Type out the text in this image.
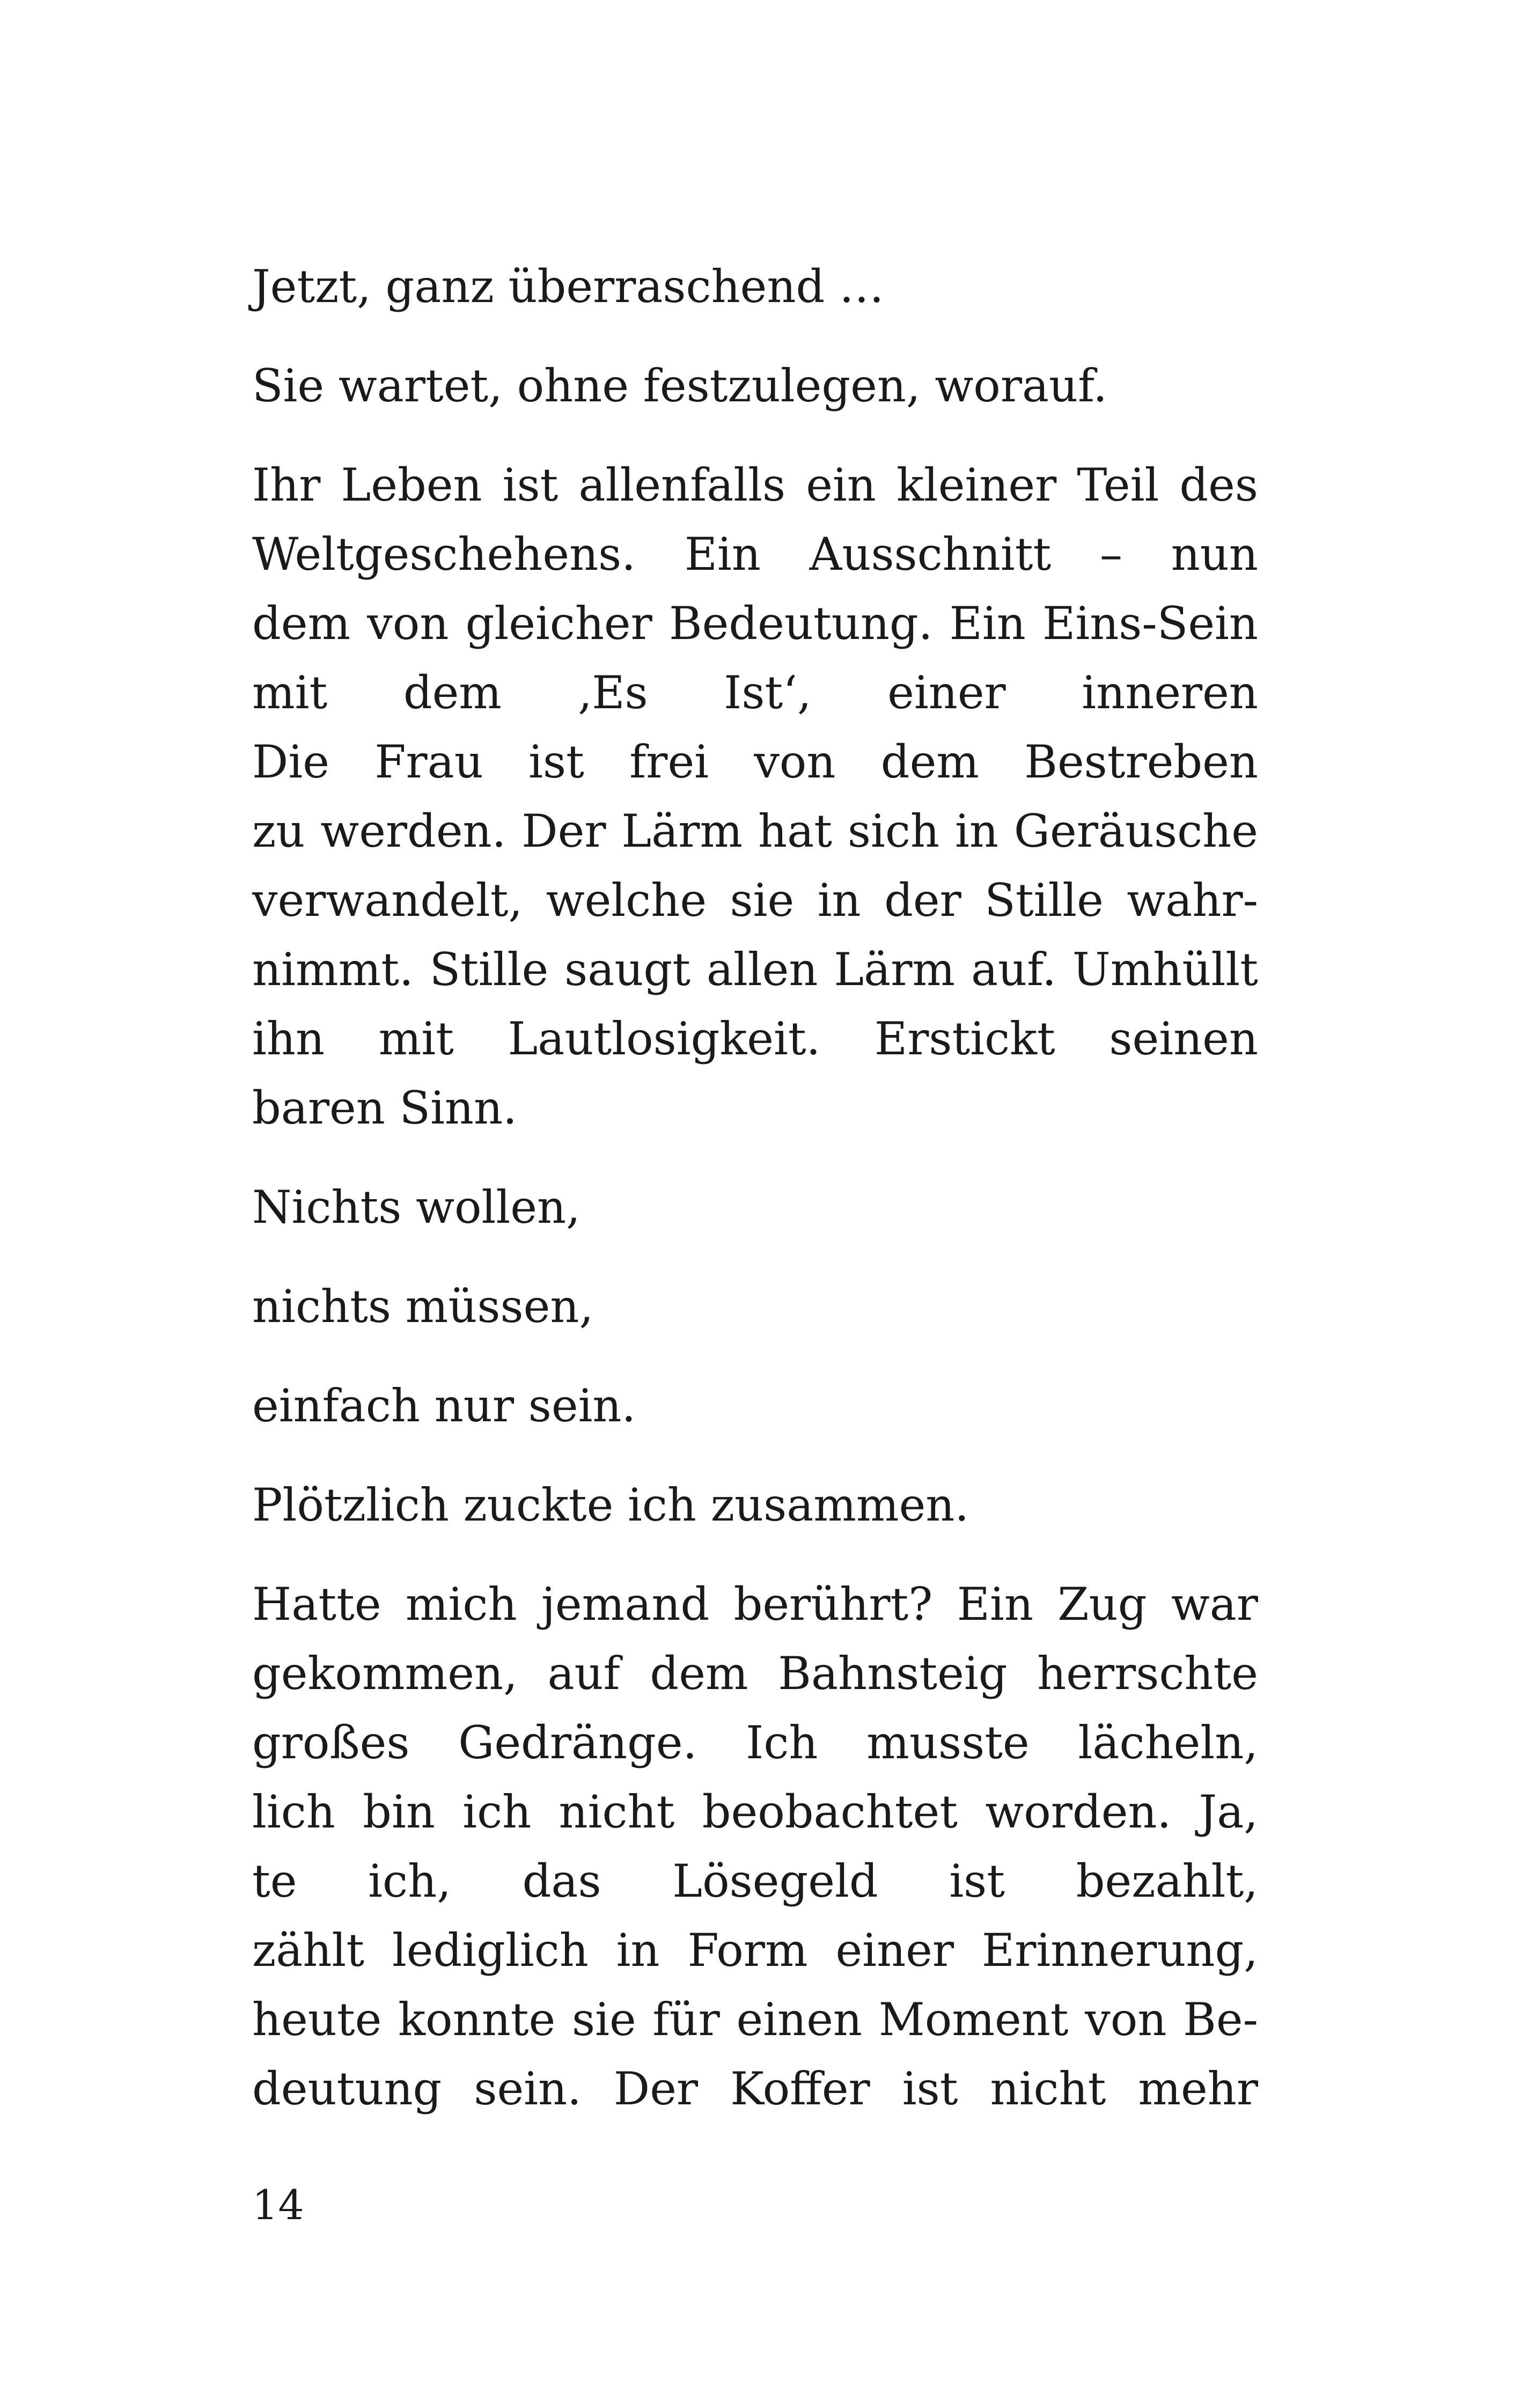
Jetzt, ganz überraschend …

Sie wartet, ohne festzulegen, worauf.

Ihr Leben ist allenfalls ein kleiner Teil des
Weltgeschehens. Ein Ausschnitt – nun
dem von gleicher Bedeutung. Ein Eins-Sein
mit dem ‚Es Ist‘, einer inneren
Die Frau ist frei von dem Bestreben
zu werden. Der Lärm hat sich in Geräusche
verwandelt, welche sie in der Stille wahr-
nimmt. Stille saugt allen Lärm auf. Umhüllt
ihn mit Lautlosigkeit. Erstickt seinen
baren Sinn.

Nichts wollen,

nichts müssen,

einfach nur sein.

Plötzlich zuckte ich zusammen.

Hatte mich jemand berührt? Ein Zug war
gekommen, auf dem Bahnsteig herrschte
großes Gedränge. Ich musste lächeln,
lich bin ich nicht beobachtet worden. Ja,
te ich, das Lösegeld ist bezahlt,
zählt lediglich in Form einer Erinnerung,
heute konnte sie für einen Moment von Be-
deutung sein. Der Koffer ist nicht mehr

14
